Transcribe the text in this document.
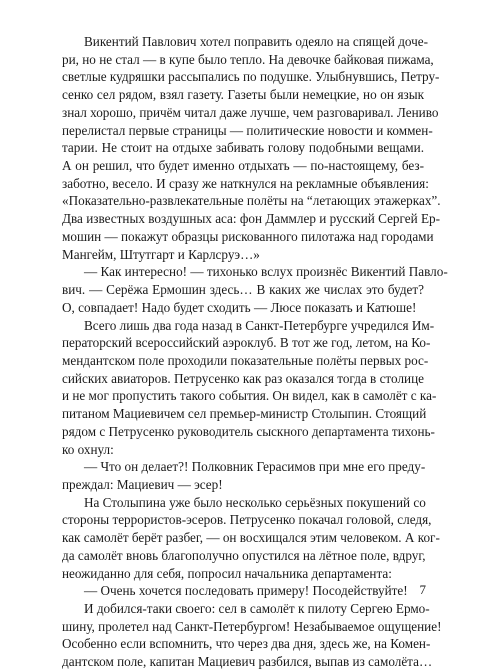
Викентий Павлович хотел поправить одеяло на спящей доче-
ри, но не стал — в купе было тепло. На девочке байковая пижама,
светлые кудряшки рассыпались по подушке. Улыбнувшись, Петру-
сенко сел рядом, взял газету. Газеты были немецкие, но он язык
знал хорошо, причём читал даже лучше, чем разговаривал. Лениво
перелистал первые страницы — политические новости и коммен-
тарии. Не стоит на отдыхе забивать голову подобными вещами.
А он решил, что будет именно отдыхать — по-настоящему, без-
заботно, весело. И сразу же наткнулся на рекламные объявления:
«Показательно-развлекательные полёты на “летающих этажерках”.
Два известных воздушных аса: фон Даммлер и русский Сергей Ер-
мошин — покажут образцы рискованного пилотажа над городами
Мангейм, Штутгарт и Карлсруэ…»
— Как интересно! — тихонько вслух произнёс Викентий Павло-
вич. — Серёжа Ермошин здесь… В каких же числах это будет?
О, совпадает! Надо будет сходить — Люсе показать и Катюше!
Всего лишь два года назад в Санкт-Петербурге учредился Им-
ператорский всероссийский аэроклуб. В тот же год, летом, на Ко-
мендантском поле проходили показательные полёты первых рос-
сийских авиаторов. Петрусенко как раз оказался тогда в столице
и не мог пропустить такого события. Он видел, как в самолёт с ка-
питаном Мациевичем сел премьер-министр Столыпин. Стоящий
рядом с Петрусенко руководитель сыскного департамента тихонь-
ко охнул:
— Что он делает?! Полковник Герасимов при мне его преду-
преждал: Мациевич — эсер!
На Столыпина уже было несколько серьёзных покушений со
стороны террористов-эсеров. Петрусенко покачал головой, следя,
как самолёт берёт разбег, — он восхищался этим человеком. А ког-
да самолёт вновь благополучно опустился на лётное поле, вдруг,
неожиданно для себя, попросил начальника департамента:
— Очень хочется последовать примеру! Посодействуйте!
И добился-таки своего: сел в самолёт к пилоту Сергею Ермо-
шину, пролетел над Санкт-Петербургом! Незабываемое ощущение!
Особенно если вспомнить, что через два дня, здесь же, на Комен-
дантском поле, капитан Мациевич разбился, выпав из самолёта…
7
